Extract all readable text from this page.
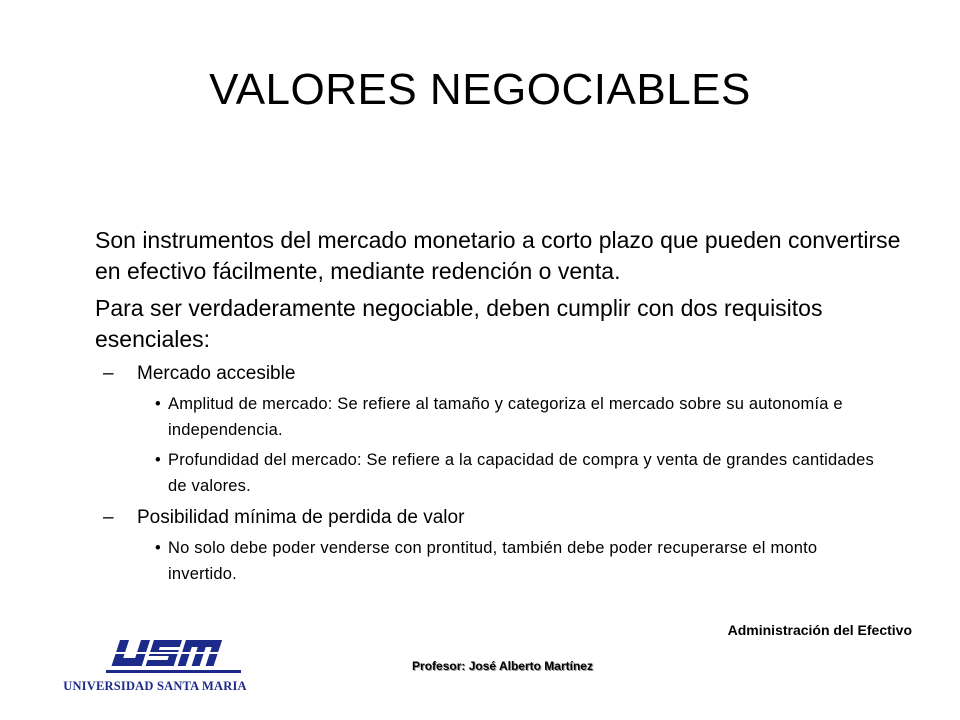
VALORES NEGOCIABLES

Son instrumentos del mercado monetario a corto plazo que pueden convertirse en efectivo fácilmente, mediante redención o venta.

Para ser verdaderamente negociable, deben cumplir con dos requisitos esenciales:

– Mercado accesible
• Amplitud de mercado: Se refiere al tamaño y categoriza el mercado sobre su autonomía e independencia.
• Profundidad del mercado: Se refiere a la capacidad de compra y venta de grandes cantidades de valores.
– Posibilidad mínima de perdida de valor
• No solo debe poder venderse con prontitud, también debe poder recuperarse el monto invertido.
Administración del Efectivo
UNIVERSIDAD SANTA MARIA
Profesor: José Alberto Martínez
